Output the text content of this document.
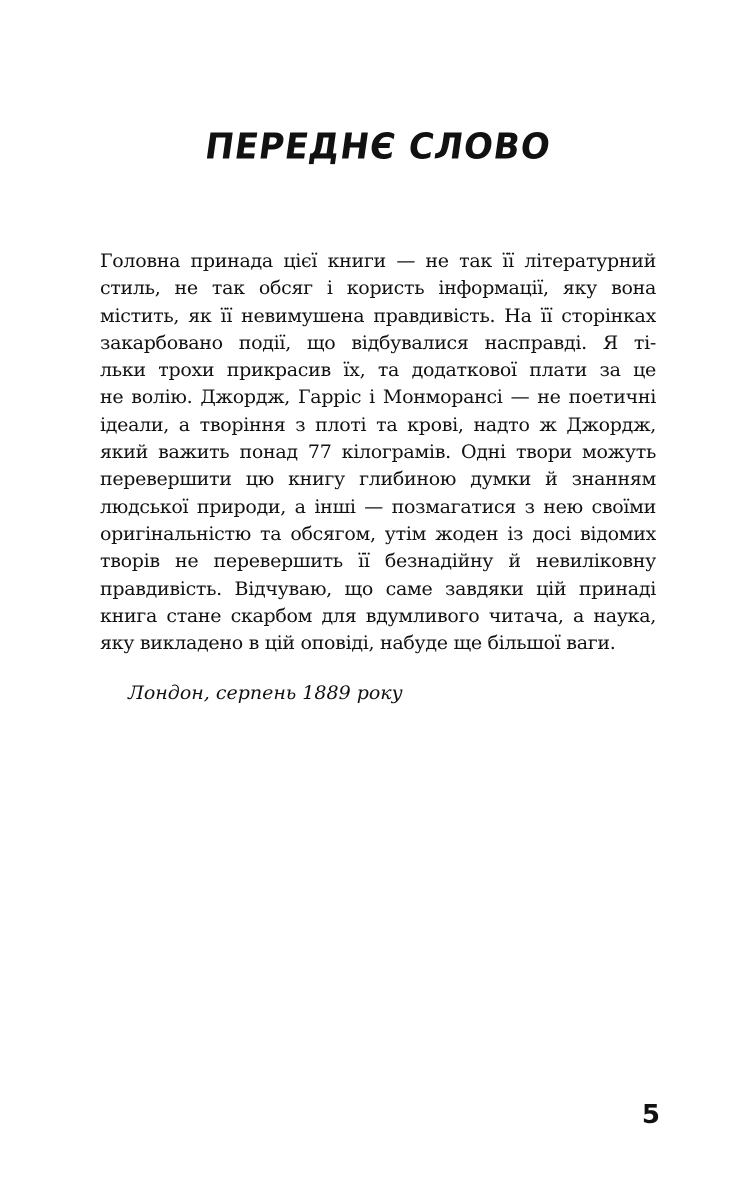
ПЕРЕДНЄ СЛОВО
Головна принада цієї книги — не так її літературний
стиль, не так обсяг і користь інформації, яку вона
містить, як її невимушена правдивість. На її сторінках
закарбовано події, що відбувалися насправді. Я ті-
льки трохи прикрасив їх, та додаткової плати за це
не волію. Джордж, Гарріс і Монморансі — не поетичні
ідеали, а творіння з плоті та крові, надто ж Джордж,
який важить понад 77 кілограмів. Одні твори можуть
перевершити цю книгу глибиною думки й знанням
людської природи, а інші — позмагатися з нею своїми
оригінальністю та обсягом, утім жоден із досі відомих
творів не перевершить її безнадійну й невиліковну
правдивість. Відчуваю, що саме завдяки цій принаді
книга стане скарбом для вдумливого читача, а наука,
яку викладено в цій оповіді, набуде ще більшої ваги.
Лондон, серпень 1889 року
5
